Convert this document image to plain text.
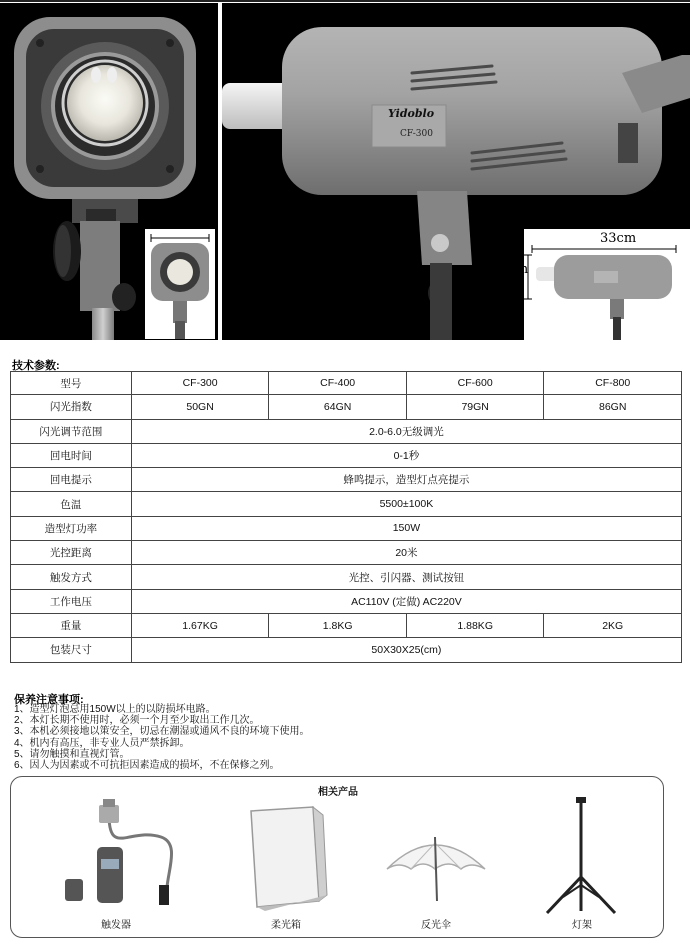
14cm
Yidoblo
CF-300
33cm
14cm
技术参数:
型号	CF-300	CF-400	CF-600	CF-800
闪光指数	50GN	64GN	79GN	86GN
闪光调节范围	2.0-6.0无级调光
回电时间	0-1秒
回电提示	蜂鸣提示，造型灯点亮提示
色温	5500±100K
造型灯功率	150W
光控距离	20米
触发方式	光控、引闪器、测试按钮
工作电压	AC110V (定做) AC220V
重量	1.67KG	1.8KG	1.88KG	2KG
包装尺寸	50X30X25(cm)
保养注意事项:
1、造型灯泡忌用150W以上的以防损坏电路。
2、本灯长期不使用时，必须一个月至少取出工作几次。
3、本机必须接地以策安全，切忌在潮湿或通风不良的环境下使用。
4、机内有高压，非专业人员严禁拆卸。
5、请勿触摸和直视灯管。
6、因人为因素或不可抗拒因素造成的损坏，不在保修之列。
相关产品
触发器	柔光箱	反光伞	灯架
